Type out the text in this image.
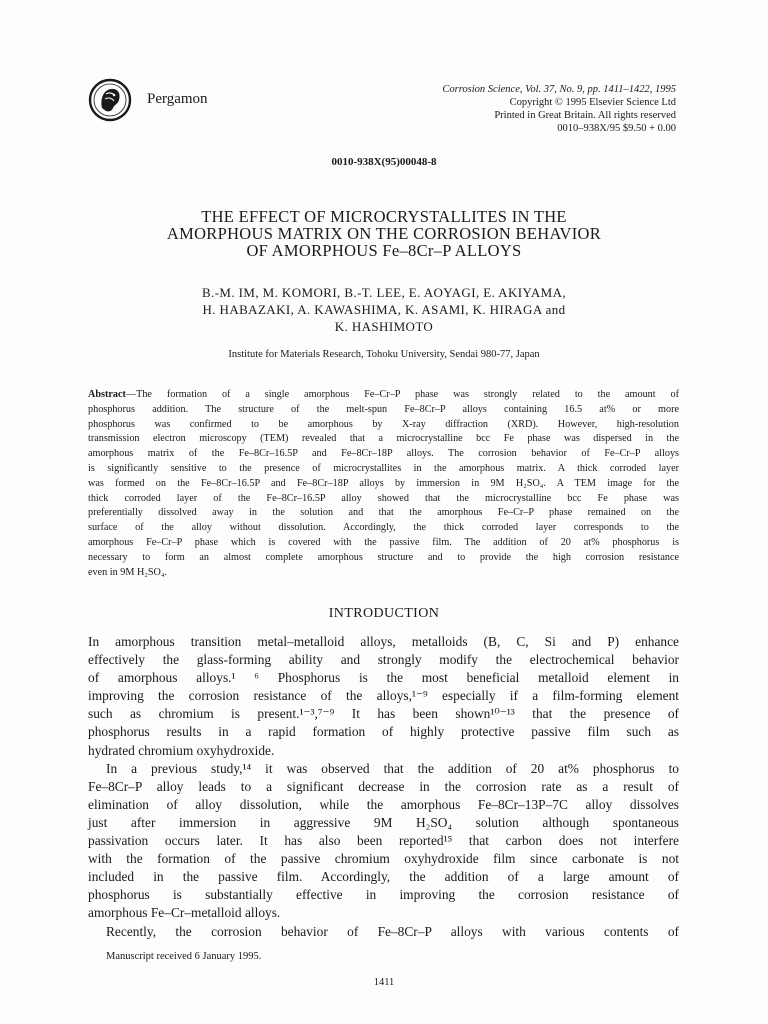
Pergamon
Corrosion Science, Vol. 37, No. 9, pp. 1411–1422, 1995
Copyright © 1995 Elsevier Science Ltd
Printed in Great Britain. All rights reserved
0010–938X/95 $9.50 + 0.00
0010-938X(95)00048-8
THE EFFECT OF MICROCRYSTALLITES IN THE
AMORPHOUS MATRIX ON THE CORROSION BEHAVIOR
OF AMORPHOUS Fe–8Cr–P ALLOYS
B.-M. IM, M. KOMORI, B.-T. LEE, E. AOYAGI, E. AKIYAMA,
H. HABAZAKI, A. KAWASHIMA, K. ASAMI, K. HIRAGA and
K. HASHIMOTO
Institute for Materials Research, Tohoku University, Sendai 980-77, Japan
Abstract—The formation of a single amorphous Fe–Cr–P phase was strongly related to the amount of
phosphorus addition. The structure of the melt-spun Fe–8Cr–P alloys containing 16.5 at% or more
phosphorus was confirmed to be amorphous by X-ray diffraction (XRD). However, high-resolution
transmission electron microscopy (TEM) revealed that a microcrystalline bcc Fe phase was dispersed in the
amorphous matrix of the Fe–8Cr–16.5P and Fe–8Cr–18P alloys. The corrosion behavior of Fe–Cr–P alloys
is significantly sensitive to the presence of microcrystallites in the amorphous matrix. A thick corroded layer
was formed on the Fe–8Cr–16.5P and Fe–8Cr–18P alloys by immersion in 9M H₂SO₄. A TEM image for the
thick corroded layer of the Fe–8Cr–16.5P alloy showed that the microcrystalline bcc Fe phase was
preferentially dissolved away in the solution and that the amorphous Fe–Cr–P phase remained on the
surface of the alloy without dissolution. Accordingly, the thick corroded layer corresponds to the
amorphous Fe–Cr–P phase which is covered with the passive film. The addition of 20 at% phosphorus is
necessary to form an almost complete amorphous structure and to provide the high corrosion resistance
even in 9M H₂SO₄.
INTRODUCTION
In amorphous transition metal–metalloid alloys, metalloids (B, C, Si and P) enhance
effectively the glass-forming ability and strongly modify the electrochemical behavior
of amorphous alloys.¹ ⁶ Phosphorus is the most beneficial metalloid element in
improving the corrosion resistance of the alloys,¹⁻⁹ especially if a film-forming element
such as chromium is present.¹⁻³,⁷⁻⁹ It has been shown¹⁰⁻¹³ that the presence of
phosphorus results in a rapid formation of highly protective passive film such as
hydrated chromium oxyhydroxide.
In a previous study,¹⁴ it was observed that the addition of 20 at% phosphorus to
Fe–8Cr–P alloy leads to a significant decrease in the corrosion rate as a result of
elimination of alloy dissolution, while the amorphous Fe–8Cr–13P–7C alloy dissolves
just after immersion in aggressive 9M H₂SO₄ solution although spontaneous
passivation occurs later. It has also been reported¹⁵ that carbon does not interfere
with the formation of the passive chromium oxyhydroxide film since carbonate is not
included in the passive film. Accordingly, the addition of a large amount of
phosphorus is substantially effective in improving the corrosion resistance of
amorphous Fe–Cr–metalloid alloys.
Recently, the corrosion behavior of Fe–8Cr–P alloys with various contents of
Manuscript received 6 January 1995.
1411
